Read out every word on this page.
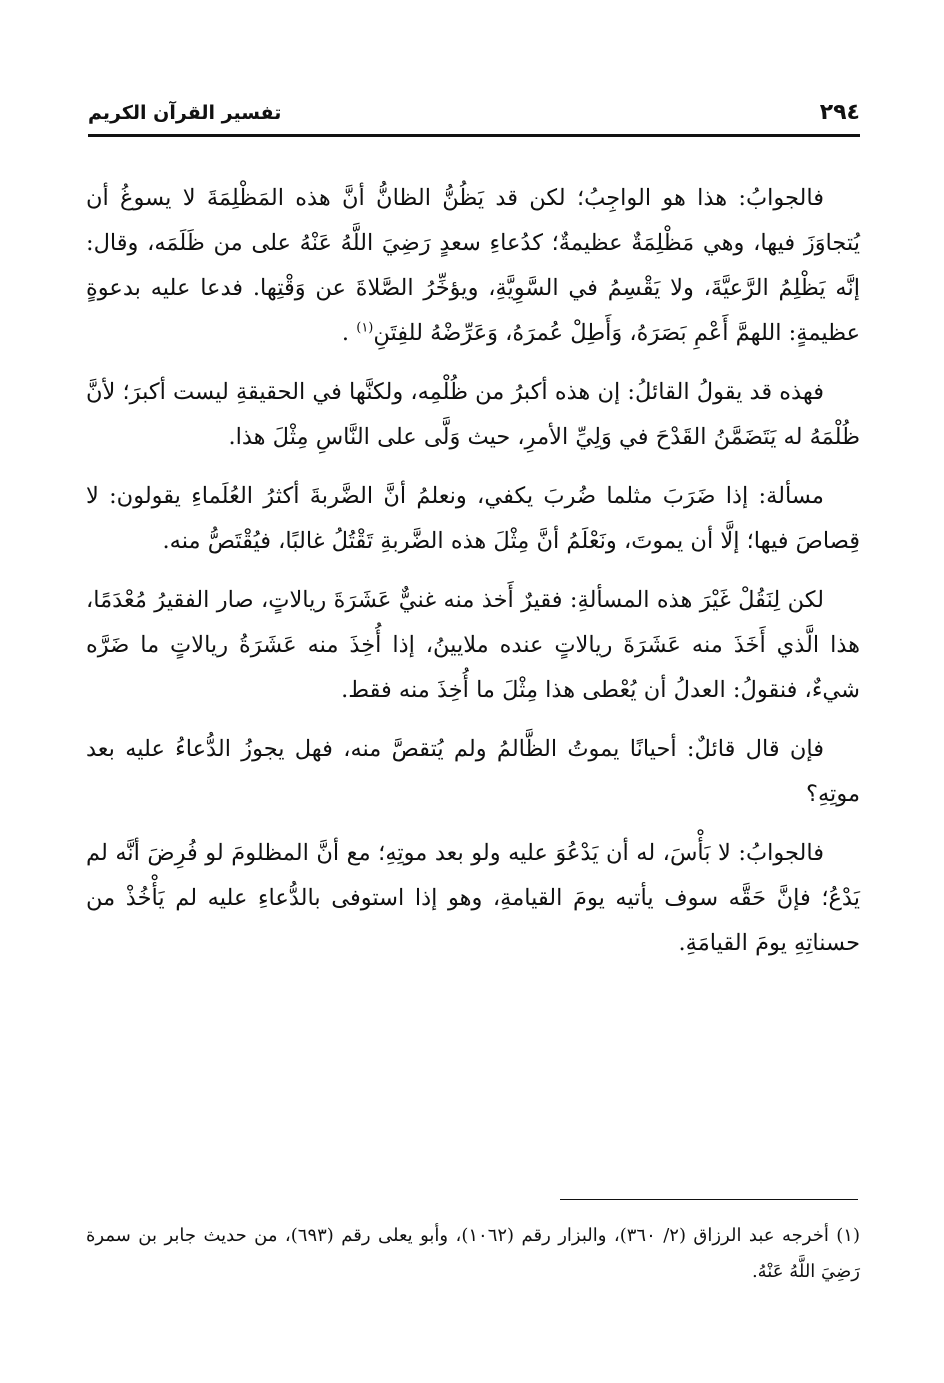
٢٩٤
تفسير القرآن الكريم

فالجوابُ: هذا هو الواجِبُ؛ لكن قد يَظُنُّ الظانُّ أنَّ هذه المَظْلِمَةَ لا يسوغُ أن يُتجاوَزَ فيها، وهي مَظْلِمَةٌ عظيمةٌ؛ كدُعاءِ سعدٍ رَضِيَ اللَّهُ عَنْهُ على من ظَلَمَه، وقال: إنَّه يَظْلِمُ الرَّعيَّةَ، ولا يَقْسِمُ في السَّوِيَّةِ، ويؤخِّرُ الصَّلاةَ عن وَقْتِها. فدعا عليه بدعوةٍ عظيمةٍ: اللهمَّ أَعْمِ بَصَرَهُ، وَأَطِلْ عُمرَهُ، وَعَرِّضْهُ للفِتَنِ$^{(١)}$ .

فهذه قد يقولُ القائلُ: إن هذه أكبرُ من ظُلْمِه، ولكنَّها في الحقيقةِ ليست أكبرَ؛ لأنَّ ظُلْمَهُ له يَتَضَمَّنُ القَدْحَ في وَلِيِّ الأمرِ، حيث وَلَّى على النَّاسِ مِثْلَ هذا.

مسألة: إذا ضَرَبَ مثلما ضُربَ يكفي، ونعلمُ أنَّ الضَّربةَ أكثرُ العُلَماءِ يقولون: لا قِصاصَ فيها؛ إلَّا أن يموتَ، ونَعْلَمُ أنَّ مِثْلَ هذه الضَّربةِ تَقْتُلُ غالبًا، فيُقْتَصُّ منه.

لكن لِنَقُلْ غَيْرَ هذه المسألةِ: فقيرٌ أَخذ منه غنيٌّ عَشَرَةَ ريالاتٍ، صار الفقيرُ مُعْدَمًا، هذا الَّذي أَخَذَ منه عَشَرَةَ ريالاتٍ عنده ملايينُ، إذا أُخِذَ منه عَشَرَةُ ريالاتٍ ما ضَرَّه شيءٌ، فنقولُ: العدلُ أن يُعْطى هذا مِثْلَ ما أُخِذَ منه فقط.

فإن قال قائلٌ: أحيانًا يموتُ الظَّالمُ ولم يُتقصَّ منه، فهل يجوزُ الدُّعاءُ عليه بعد موتِهِ؟

فالجوابُ: لا بَأْسَ، له أن يَدْعُوَ عليه ولو بعد موتِهِ؛ مع أنَّ المظلومَ لو فُرِضَ أنَّه لم يَدْعُ؛ فإنَّ حَقَّه سوف يأتيه يومَ القيامةِ، وهو إذا استوفى بالدُّعاءِ عليه لم يَأْخُذْ من حسناتِهِ يومَ القيامَةِ.

(١) أخرجه عبد الرزاق (٢/ ٣٦٠)، والبزار رقم (١٠٦٢)، وأبو يعلى رقم (٦٩٣)، من حديث جابر بن سمرة رَضِيَ اللَّهُ عَنْهُ.
